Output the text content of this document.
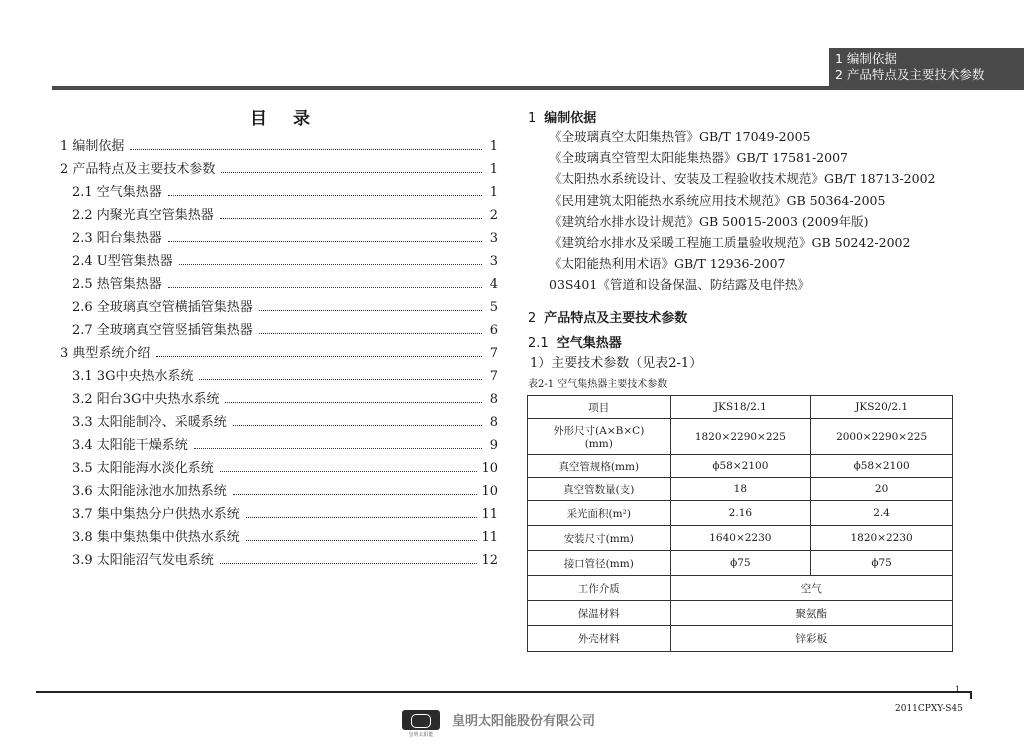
1 编制依据
2 产品特点及主要技术参数
目 录
1 编制依据	1
2 产品特点及主要技术参数	1
2.1 空气集热器	1
2.2 内聚光真空管集热器	2
2.3 阳台集热器	3
2.4 U型管集热器	3
2.5 热管集热器	4
2.6 全玻璃真空管横插管集热器	5
2.7 全玻璃真空管竖插管集热器	6
3 典型系统介绍	7
3.1 3G中央热水系统	7
3.2 阳台3G中央热水系统	8
3.3 太阳能制冷、采暖系统	8
3.4 太阳能干燥系统	9
3.5 太阳能海水淡化系统	10
3.6 太阳能泳池水加热系统	10
3.7 集中集热分户供热水系统	11
3.8 集中集热集中供热水系统	11
3.9 太阳能沼气发电系统	12
1 编制依据
《全玻璃真空太阳集热管》GB/T 17049-2005
《全玻璃真空管型太阳能集热器》GB/T 17581-2007
《太阳热水系统设计、安装及工程验收技术规范》GB/T 18713-2002
《民用建筑太阳能热水系统应用技术规范》GB 50364-2005
《建筑给水排水设计规范》GB 50015-2003 (2009年版)
《建筑给水排水及采暖工程施工质量验收规范》GB 50242-2002
《太阳能热利用术语》GB/T 12936-2007
03S401《管道和设备保温、防结露及电伴热》
2 产品特点及主要技术参数
2.1 空气集热器
1）主要技术参数（见表2-1）
表2-1 空气集热器主要技术参数
项目	JKS18/2.1	JKS20/2.1
外形尺寸(A×B×C)
(mm)	1820×2290×225	2000×2290×225
真空管规格(mm)	ϕ58×2100	ϕ58×2100
真空管数量(支)	18	20
采光面积(m²)	2.16	2.4
安装尺寸(mm)	1640×2230	1820×2230
接口管径(mm)	ϕ75	ϕ75
工作介质	空气	
保温材料	聚氨酯	
外壳材料	锌彩板	
1
2011CPXY-S45
皇明太阳能
皇明太阳能股份有限公司
